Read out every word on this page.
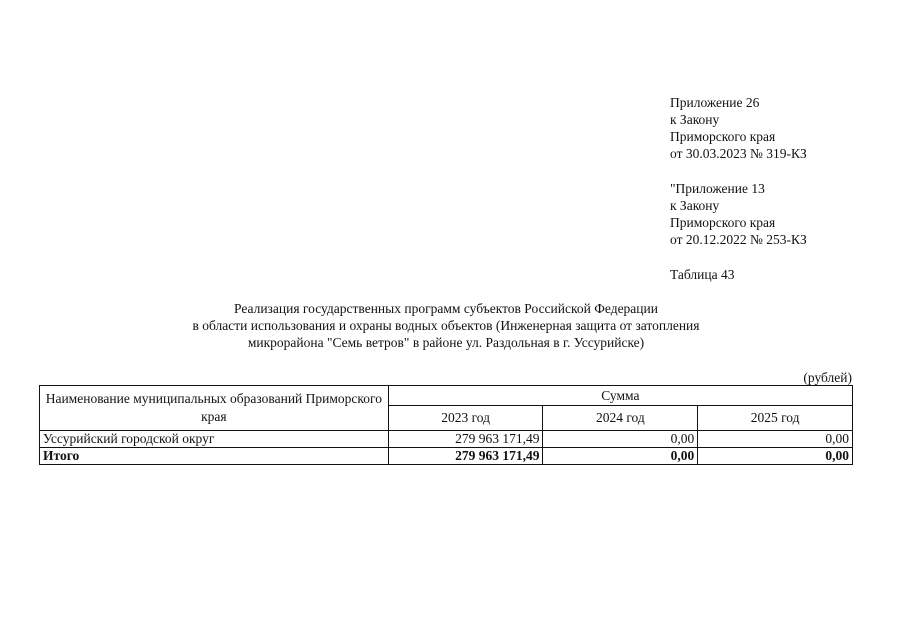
Приложение 26
к Закону
Приморского края
от 30.03.2023 № 319-КЗ
"Приложение 13
к Закону
Приморского края
от 20.12.2022 № 253-КЗ
Таблица 43
Реализация государственных программ субъектов Российской Федерации
в области использования и охраны водных объектов (Инженерная защита от затопления
микрорайона "Семь ветров" в районе ул. Раздольная в г. Уссурийске)
(рублей)
Наименование муниципальных образований Приморского края	Сумма		
	2023 год	2024 год	2025 год
Уссурийский городской округ	279 963 171,49	0,00	0,00
Итого	279 963 171,49	0,00	0,00
